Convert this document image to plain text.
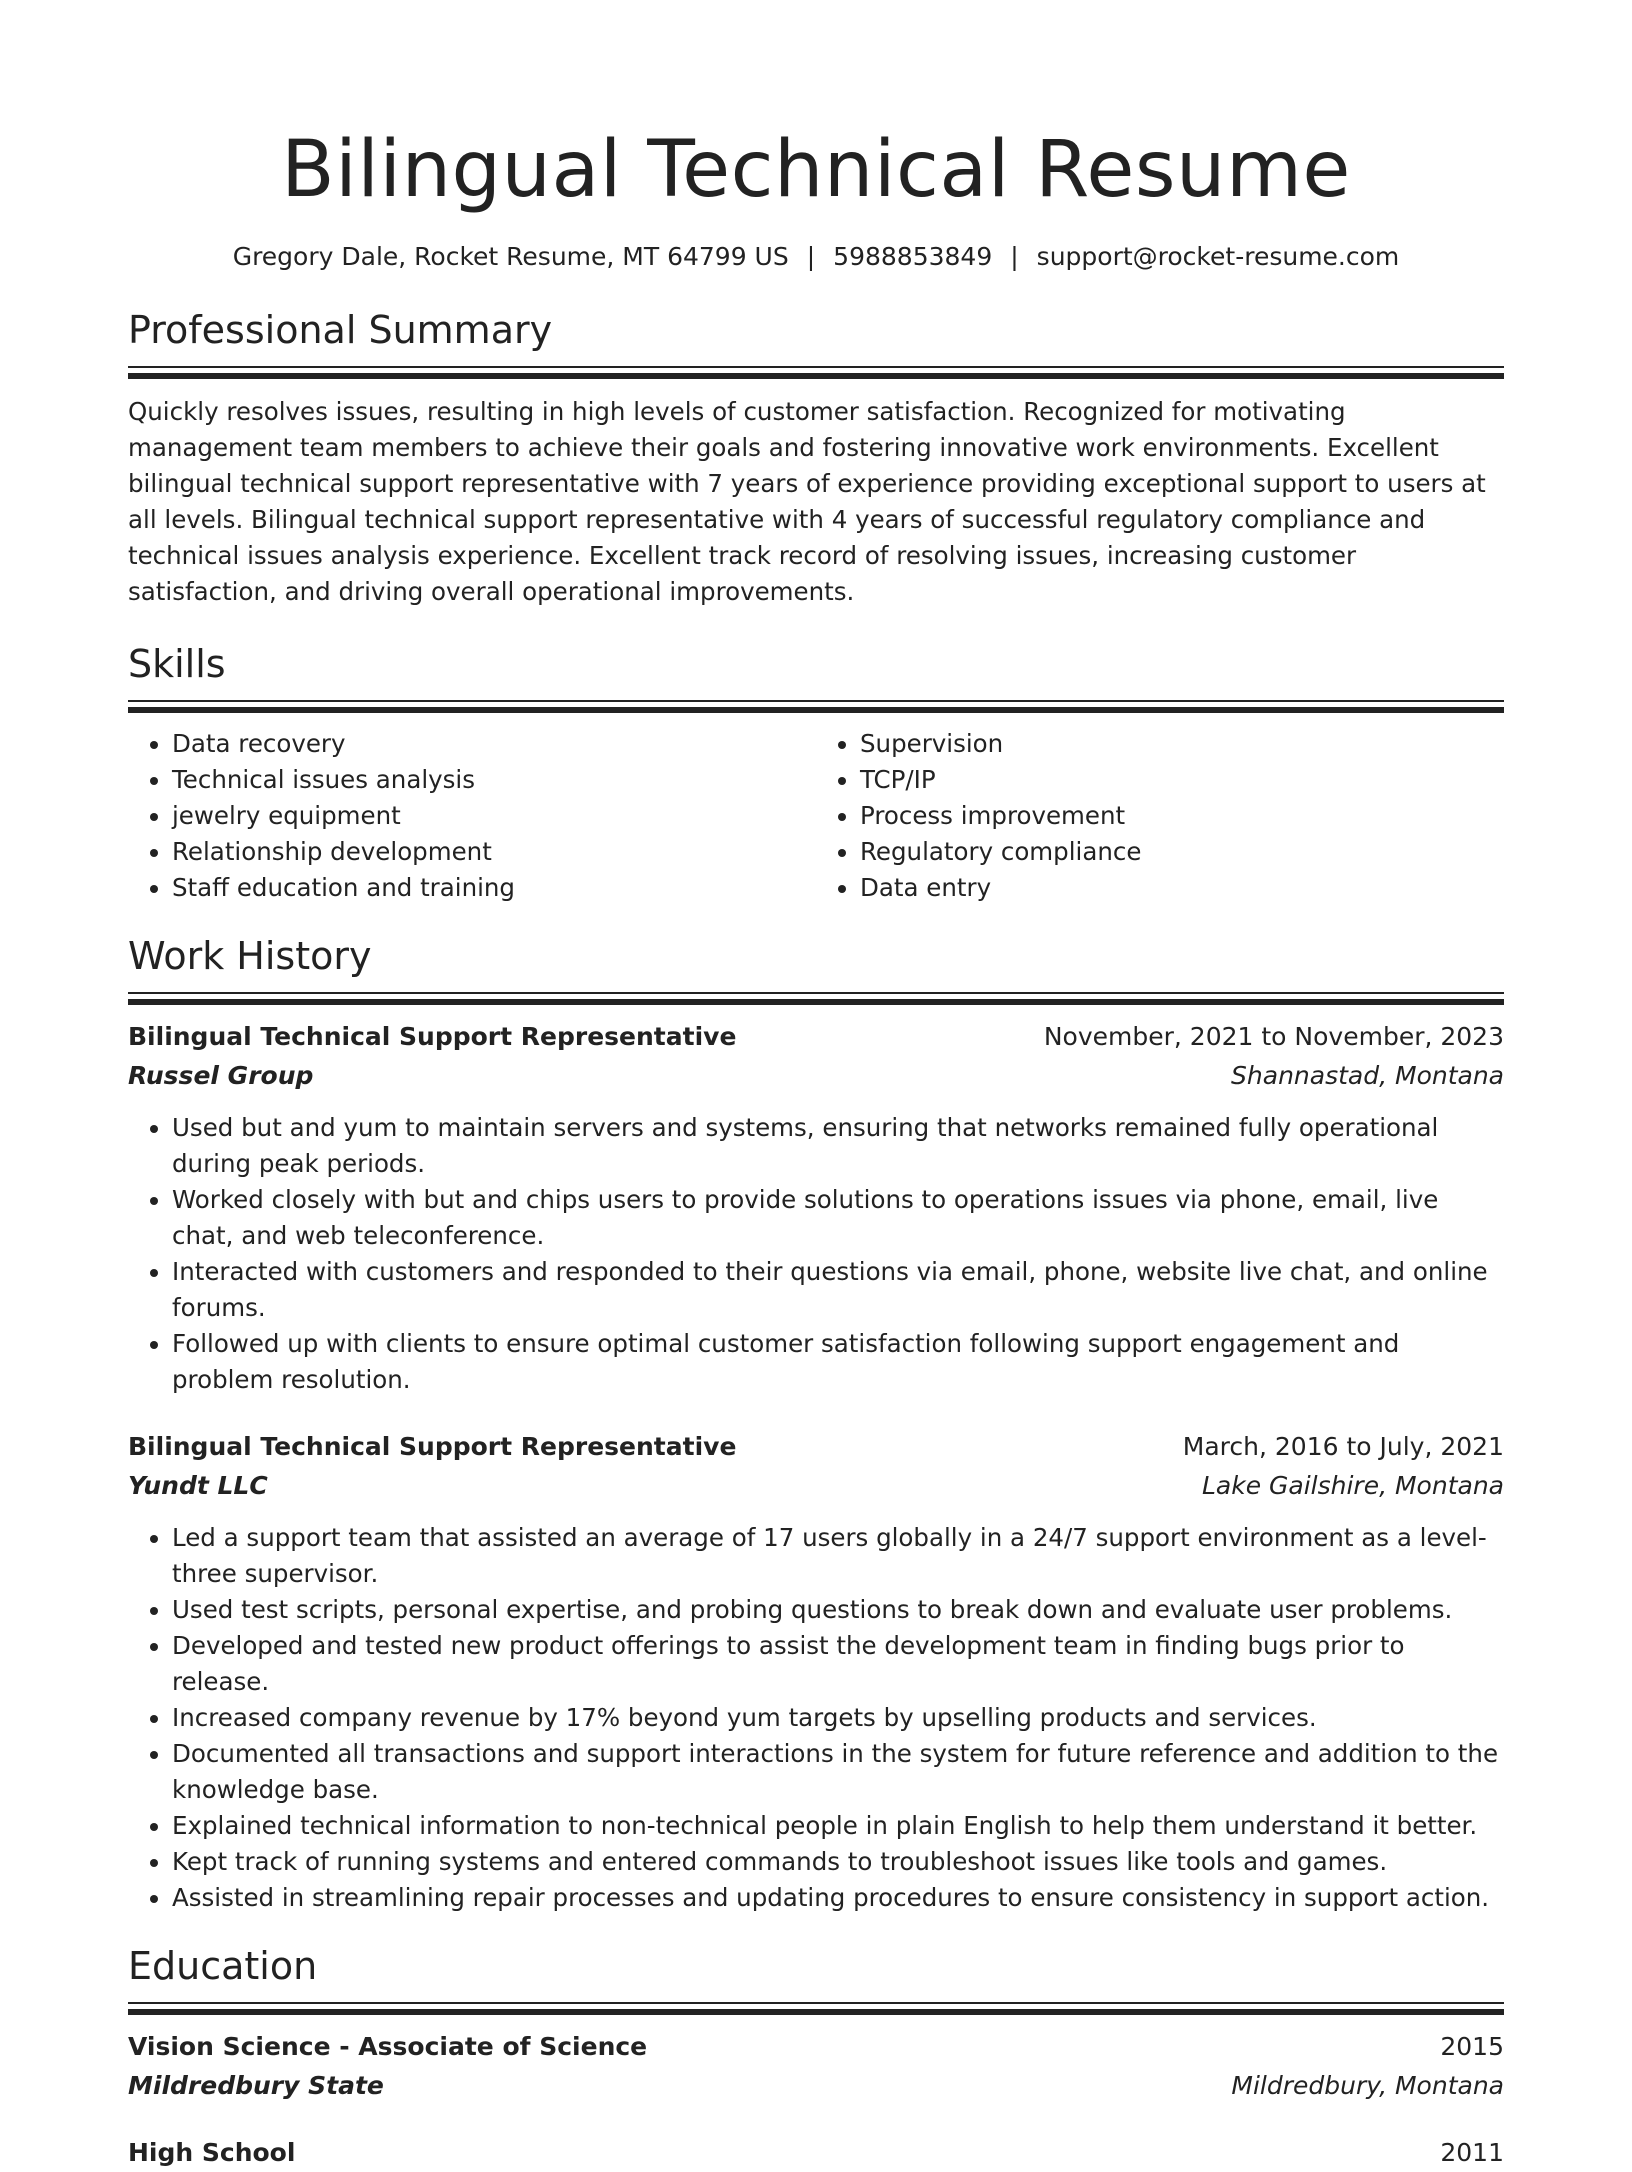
Bilingual Technical Resume
Gregory Dale, Rocket Resume, MT 64799 US | 5988853849 | support@rocket-resume.com
Professional Summary

Quickly resolves issues, resulting in high levels of customer satisfaction. Recognized for motivating management team members to achieve their goals and fostering innovative work environments. Excellent bilingual technical support representative with 7 years of experience providing exceptional support to users at all levels. Bilingual technical support representative with 4 years of successful regulatory compliance and technical issues analysis experience. Excellent track record of resolving issues, increasing customer satisfaction, and driving overall operational improvements.

Skills
• Data recovery
• Technical issues analysis
• jewelry equipment
• Relationship development
• Staff education and training
• Supervision
• TCP/IP
• Process improvement
• Regulatory compliance
• Data entry
Work History
Bilingual Technical Support Representative	November, 2021 to November, 2023
Russel Group	Shannastad, Montana
• Used but and yum to maintain servers and systems, ensuring that networks remained fully operational during peak periods.
• Worked closely with but and chips users to provide solutions to operations issues via phone, email, live chat, and web teleconference.
• Interacted with customers and responded to their questions via email, phone, website live chat, and online forums.
• Followed up with clients to ensure optimal customer satisfaction following support engagement and problem resolution.
Bilingual Technical Support Representative	March, 2016 to July, 2021
Yundt LLC	Lake Gailshire, Montana
• Led a support team that assisted an average of 17 users globally in a 24/7 support environment as a level-three supervisor.
• Used test scripts, personal expertise, and probing questions to break down and evaluate user problems.
• Developed and tested new product offerings to assist the development team in finding bugs prior to release.
• Increased company revenue by 17% beyond yum targets by upselling products and services.
• Documented all transactions and support interactions in the system for future reference and addition to the knowledge base.
• Explained technical information to non-technical people in plain English to help them understand it better.
• Kept track of running systems and entered commands to troubleshoot issues like tools and games.
• Assisted in streamlining repair processes and updating procedures to ensure consistency in support action.
Education
Vision Science - Associate of Science	2015
Mildredbury State	Mildredbury, Montana
High School	2011
